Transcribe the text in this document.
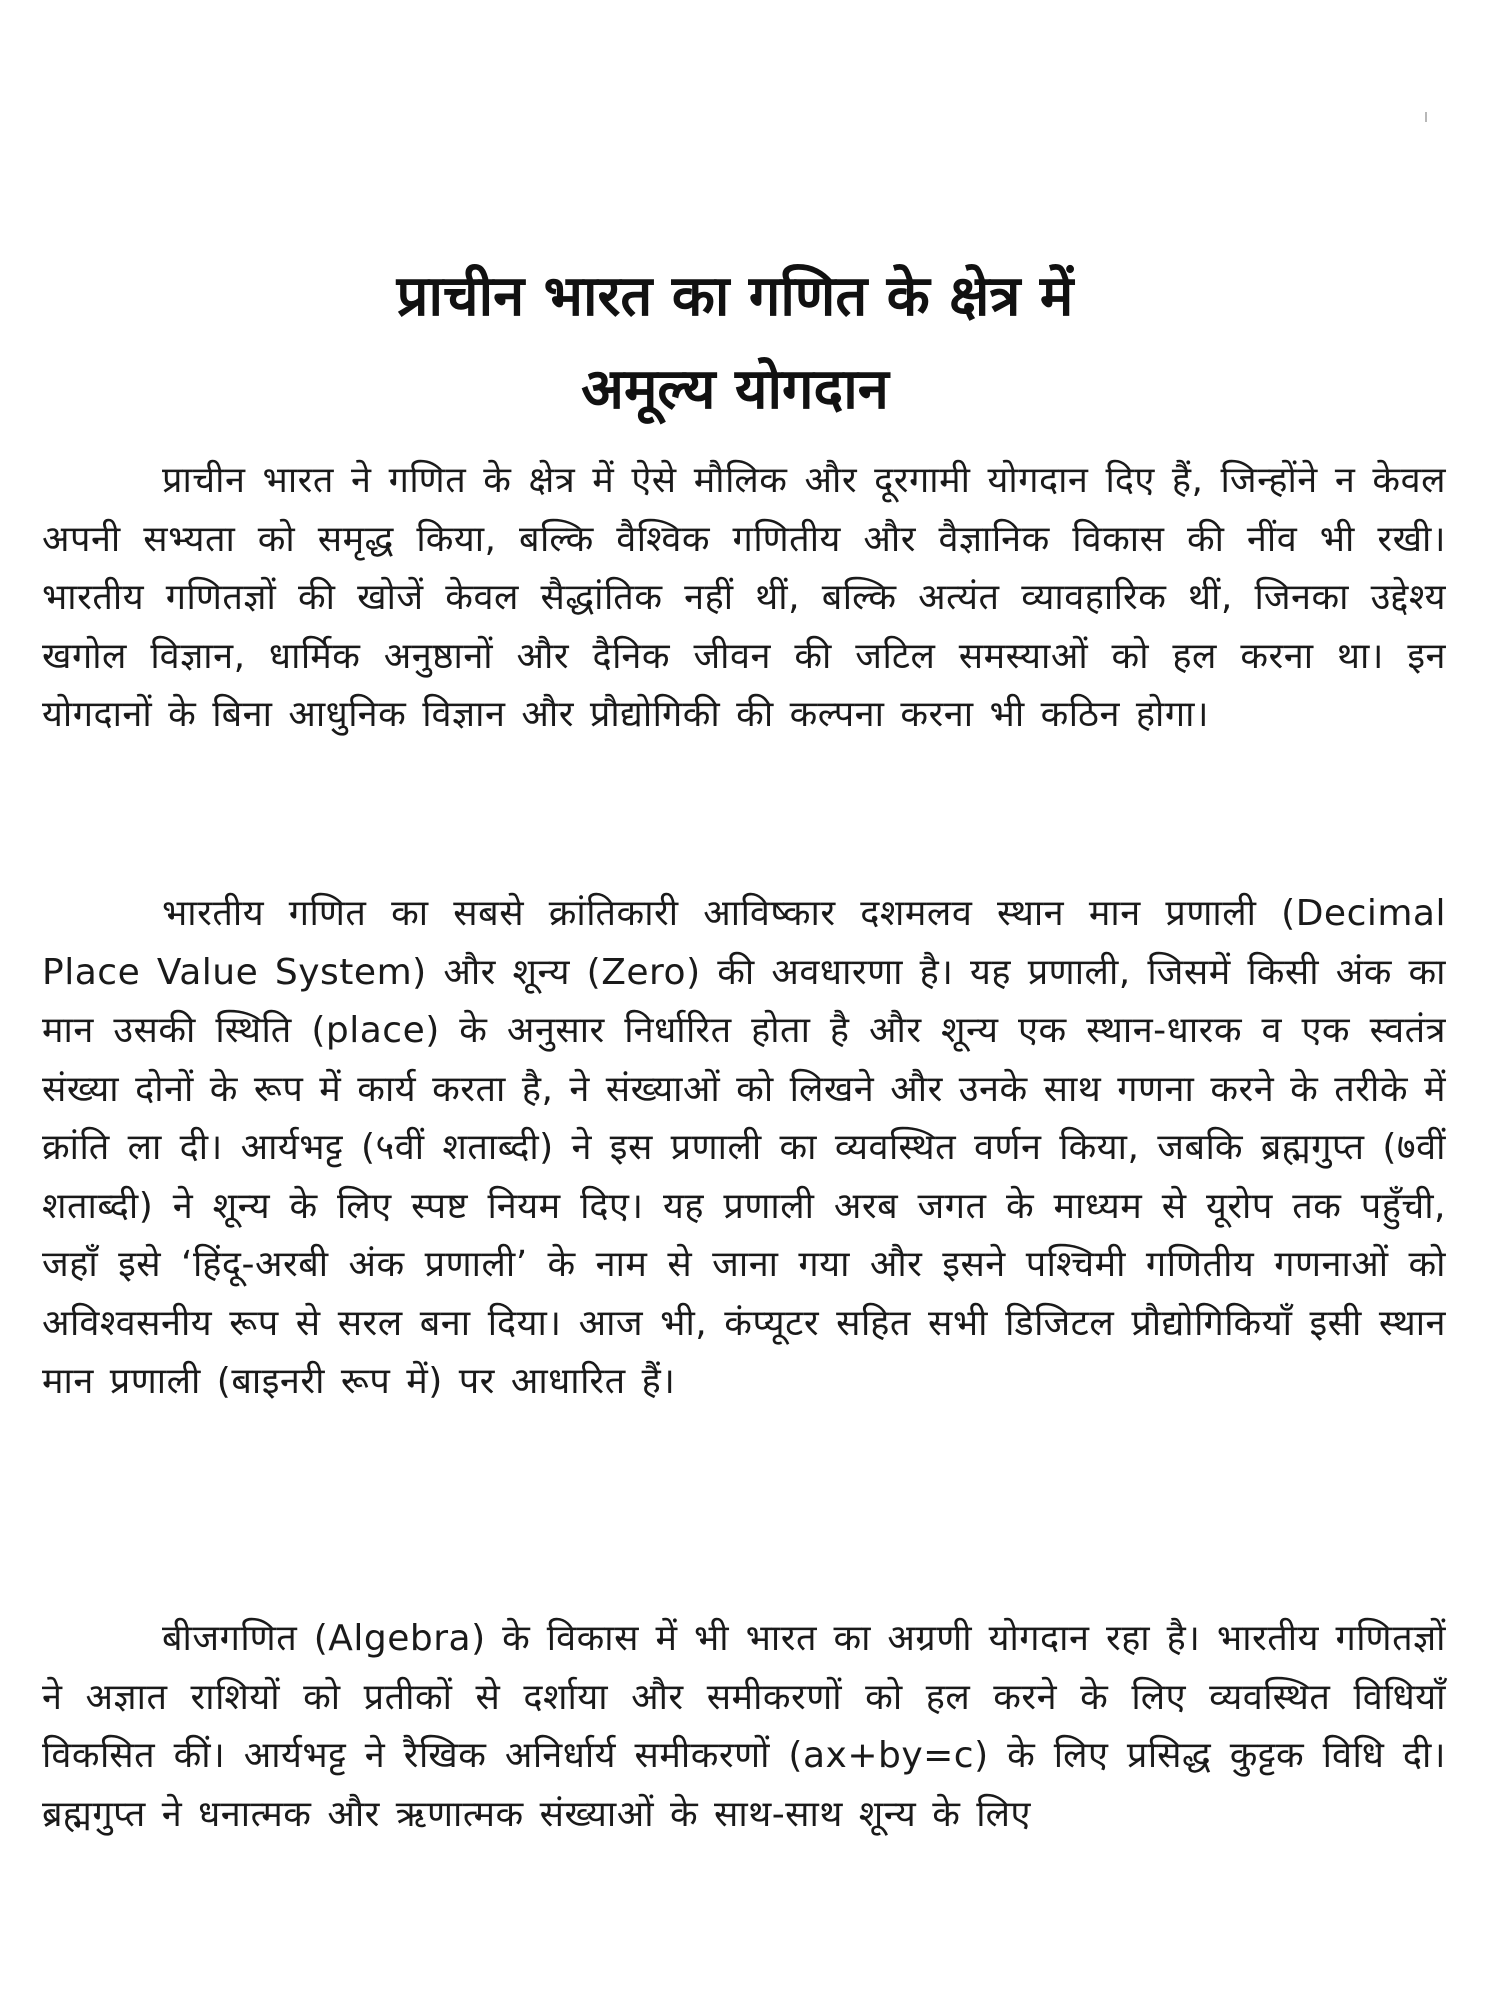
प्राचीन भारत का गणित के क्षेत्र में
अमूल्य योगदान

प्राचीन भारत ने गणित के क्षेत्र में ऐसे मौलिक और दूरगामी योगदान दिए हैं, जिन्होंने न केवल अपनी सभ्यता को समृद्ध किया, बल्कि वैश्विक गणितीय और वैज्ञानिक विकास की नींव भी रखी। भारतीय गणितज्ञों की खोजें केवल सैद्धांतिक नहीं थीं, बल्कि अत्यंत व्यावहारिक थीं, जिनका उद्देश्य खगोल विज्ञान, धार्मिक अनुष्ठानों और दैनिक जीवन की जटिल समस्याओं को हल करना था। इन योगदानों के बिना आधुनिक विज्ञान और प्रौद्योगिकी की कल्पना करना भी कठिन होगा।

भारतीय गणित का सबसे क्रांतिकारी आविष्कार दशमलव स्थान मान प्रणाली (Decimal Place Value System) और शून्य (Zero) की अवधारणा है। यह प्रणाली, जिसमें किसी अंक का मान उसकी स्थिति (place) के अनुसार निर्धारित होता है और शून्य एक स्थान-धारक व एक स्वतंत्र संख्या दोनों के रूप में कार्य करता है, ने संख्याओं को लिखने और उनके साथ गणना करने के तरीके में क्रांति ला दी। आर्यभट्ट (५वीं शताब्दी) ने इस प्रणाली का व्यवस्थित वर्णन किया, जबकि ब्रह्मगुप्त (७वीं शताब्दी) ने शून्य के लिए स्पष्ट नियम दिए। यह प्रणाली अरब जगत के माध्यम से यूरोप तक पहुँची, जहाँ इसे ‘हिंदू-अरबी अंक प्रणाली’ के नाम से जाना गया और इसने पश्चिमी गणितीय गणनाओं को अविश्वसनीय रूप से सरल बना दिया। आज भी, कंप्यूटर सहित सभी डिजिटल प्रौद्योगिकियाँ इसी स्थान मान प्रणाली (बाइनरी रूप में) पर आधारित हैं।

बीजगणित (Algebra) के विकास में भी भारत का अग्रणी योगदान रहा है। भारतीय गणितज्ञों ने अज्ञात राशियों को प्रतीकों से दर्शाया और समीकरणों को हल करने के लिए व्यवस्थित विधियाँ विकसित कीं। आर्यभट्ट ने रैखिक अनिर्धार्य समीकरणों (ax+by=c) के लिए प्रसिद्ध कुट्टक विधि दी। ब्रह्मगुप्त ने धनात्मक और ऋणात्मक संख्याओं के साथ-साथ शून्य के लिए
